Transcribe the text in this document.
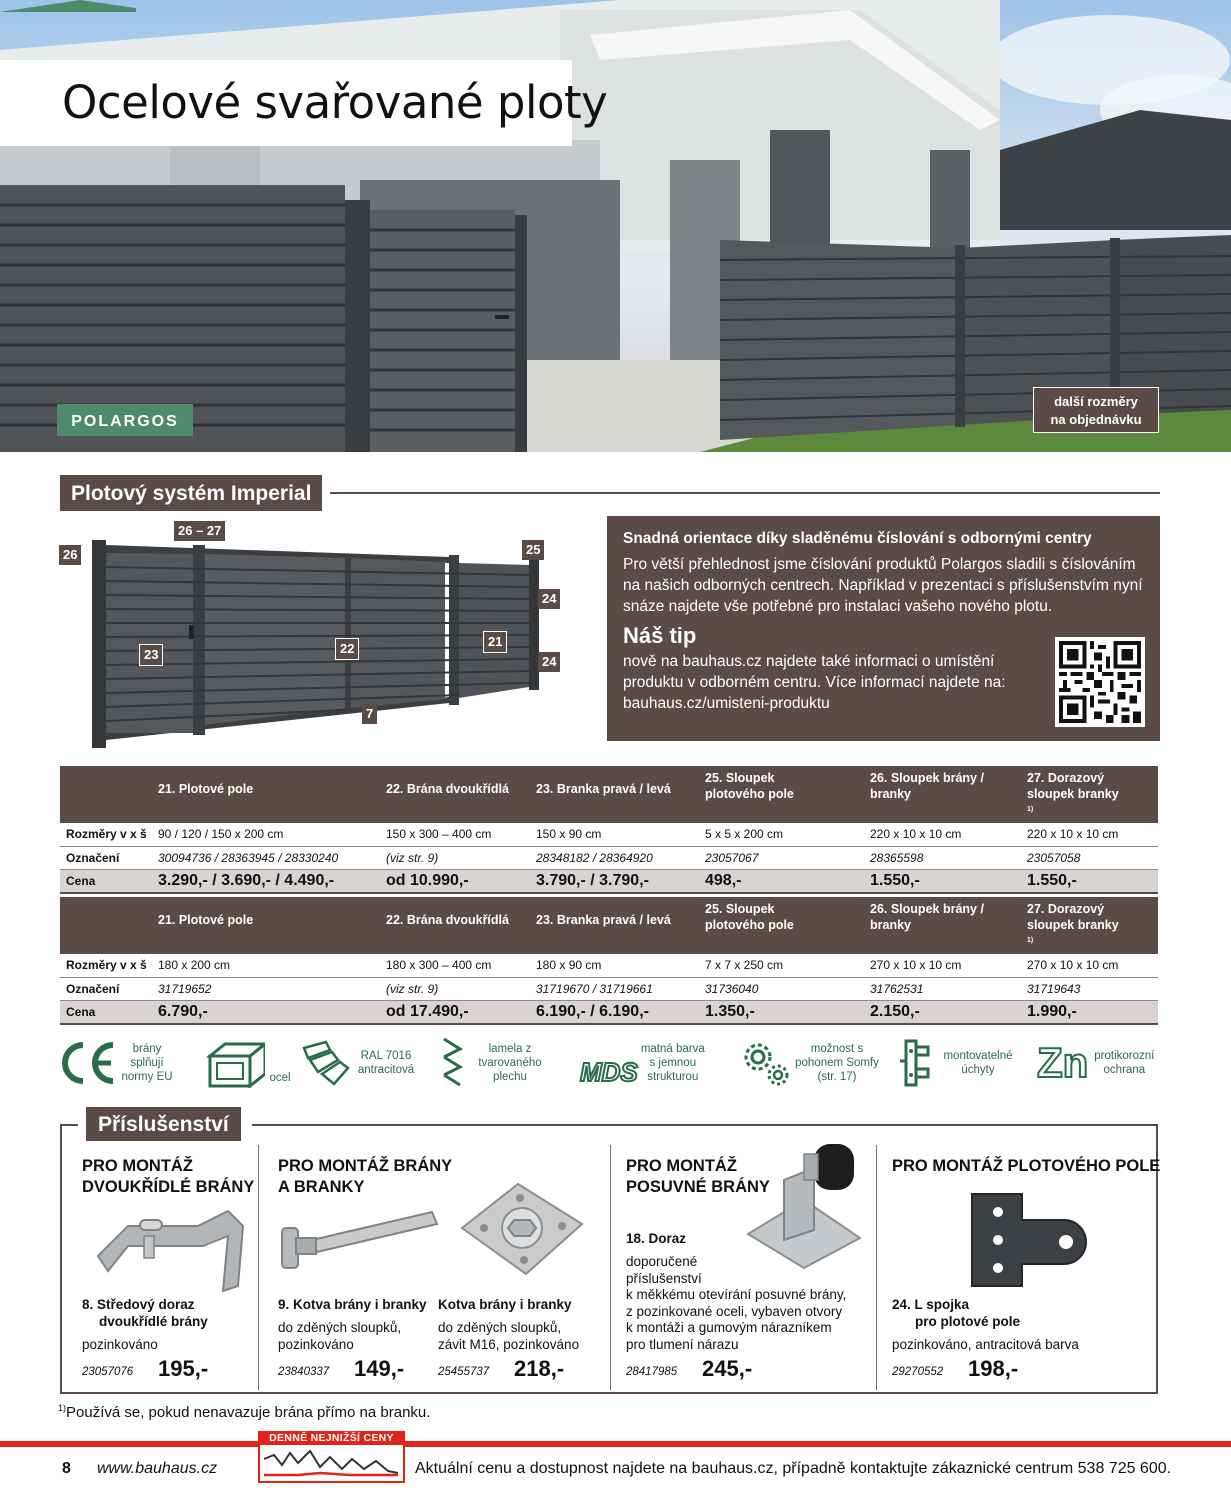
Ocelové svařované ploty
POLARGOS
další rozměry
na objednávku
Plotový systém Imperial
26
26 – 27
25
24
24
23	22	21
7
Snadná orientace díky sladěnému číslování s odbornými centry

Pro větší přehlednost jsme číslování produktů Polargos sladili s číslováním na našich odborných centrech. Například v prezentaci s příslušenstvím nyní snáze najdete vše potřebné pro instalaci vašeho nového plotu.

Náš tip

nově na bauhaus.cz najdete také informaci o umístění produktu v odborném centru. Více informací najdete na: bauhaus.cz/umisteni-produktu

	21. Plotové pole	22. Brána dvoukřídlá	23. Branka pravá / levá	25. Sloupek plotového pole	26. Sloupek brány / branky	27. Dorazový sloupek branky$^{1)}$
Rozměry v x š	90 / 120 / 150 x 200 cm	150 x 300 – 400 cm	150 x 90 cm	5 x 5 x 200 cm	220 x 10 x 10 cm	220 x 10 x 10 cm
Označení	30094736 / 28363945 / 28330240	(viz str. 9)	28348182 / 28364920	23057067	28365598	23057058
Cena	3.290,- / 3.690,- / 4.490,-	od 10.990,-	3.790,- / 3.790,-	498,-	1.550,-	1.550,-
	21. Plotové pole	22. Brána dvoukřídlá	23. Branka pravá / levá	25. Sloupek plotového pole	26. Sloupek brány / branky	27. Dorazový sloupek branky$^{1)}$
Rozměry v x š	180 x 200 cm	180 x 300 – 400 cm	180 x 90 cm	7 x 7 x 250 cm	270 x 10 x 10 cm	270 x 10 x 10 cm
Označení	31719652	(viz str. 9)	31719670 / 31719661	31736040	31762531	31719643
Cena	6.790,-	od 17.490,-	6.190,- / 6.190,-	1.350,-	2.150,-	1.990,-
brány splňují normy EU	ocel
RAL 7016 antracitová
lamela z tvarovaného plechu	MDS
matná barva s jemnou strukturou
možnost s pohonem Somfy (str. 17)
montovatelné úchyty	Zn protikorozní ochrana
Příslušenství
PRO MONTÁŽ
DVOUKŘÍDLÉ BRÁNY
8. Středový doraz
dvoukřídlé brány
pozinkováno
23057076 195,-
PRO MONTÁŽ BRÁNY
A BRANKY
9. Kotva brány i branky
do zděných sloupků,
pozinkováno
23840337 149,-
Kotva brány i branky
do zděných sloupků,
závit M16, pozinkováno
25455737 218,-
PRO MONTÁŽ
POSUVNÉ BRÁNY
18. Doraz
doporučené
příslušenství
k měkkému otevírání posuvné brány,
z pozinkované oceli, vybaven otvory
k montáži a gumovým nárazníkem
pro tlumení nárazu
28417985 245,-
PRO MONTÁŽ PLOTOVÉHO POLE
24. L spojka
pro plotové pole
pozinkováno, antracitová barva
29270552 198,-
$^{1)}$Používá se, pokud nenavazuje brána přímo na branku.
DENNĚ NEJNIŽŠÍ CENY
8 www.bauhaus.cz	Aktuální cenu a dostupnost najdete na bauhaus.cz, případně kontaktujte zákaznické centrum 538 725 600.
